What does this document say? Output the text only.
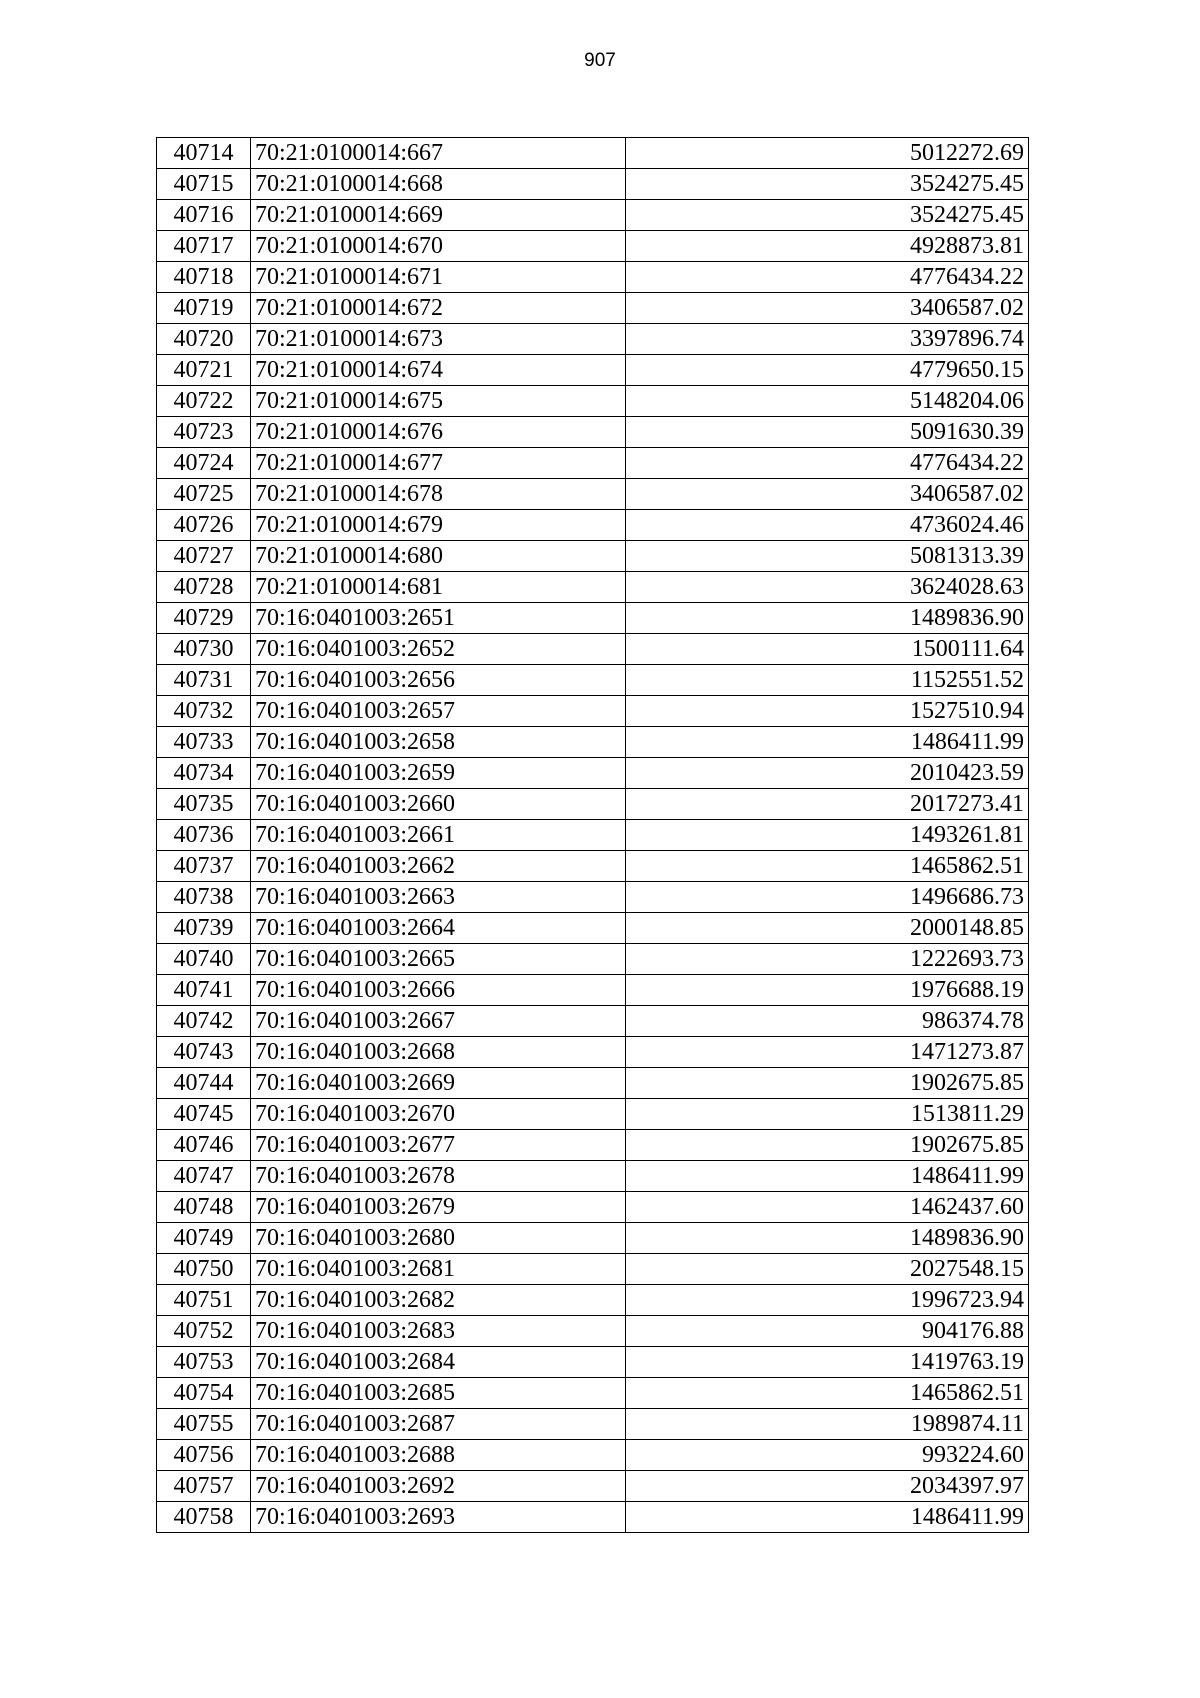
907
40714	70:21:0100014:667	5012272.69
40715	70:21:0100014:668	3524275.45
40716	70:21:0100014:669	3524275.45
40717	70:21:0100014:670	4928873.81
40718	70:21:0100014:671	4776434.22
40719	70:21:0100014:672	3406587.02
40720	70:21:0100014:673	3397896.74
40721	70:21:0100014:674	4779650.15
40722	70:21:0100014:675	5148204.06
40723	70:21:0100014:676	5091630.39
40724	70:21:0100014:677	4776434.22
40725	70:21:0100014:678	3406587.02
40726	70:21:0100014:679	4736024.46
40727	70:21:0100014:680	5081313.39
40728	70:21:0100014:681	3624028.63
40729	70:16:0401003:2651	1489836.90
40730	70:16:0401003:2652	1500111.64
40731	70:16:0401003:2656	1152551.52
40732	70:16:0401003:2657	1527510.94
40733	70:16:0401003:2658	1486411.99
40734	70:16:0401003:2659	2010423.59
40735	70:16:0401003:2660	2017273.41
40736	70:16:0401003:2661	1493261.81
40737	70:16:0401003:2662	1465862.51
40738	70:16:0401003:2663	1496686.73
40739	70:16:0401003:2664	2000148.85
40740	70:16:0401003:2665	1222693.73
40741	70:16:0401003:2666	1976688.19
40742	70:16:0401003:2667	986374.78
40743	70:16:0401003:2668	1471273.87
40744	70:16:0401003:2669	1902675.85
40745	70:16:0401003:2670	1513811.29
40746	70:16:0401003:2677	1902675.85
40747	70:16:0401003:2678	1486411.99
40748	70:16:0401003:2679	1462437.60
40749	70:16:0401003:2680	1489836.90
40750	70:16:0401003:2681	2027548.15
40751	70:16:0401003:2682	1996723.94
40752	70:16:0401003:2683	904176.88
40753	70:16:0401003:2684	1419763.19
40754	70:16:0401003:2685	1465862.51
40755	70:16:0401003:2687	1989874.11
40756	70:16:0401003:2688	993224.60
40757	70:16:0401003:2692	2034397.97
40758	70:16:0401003:2693	1486411.99
